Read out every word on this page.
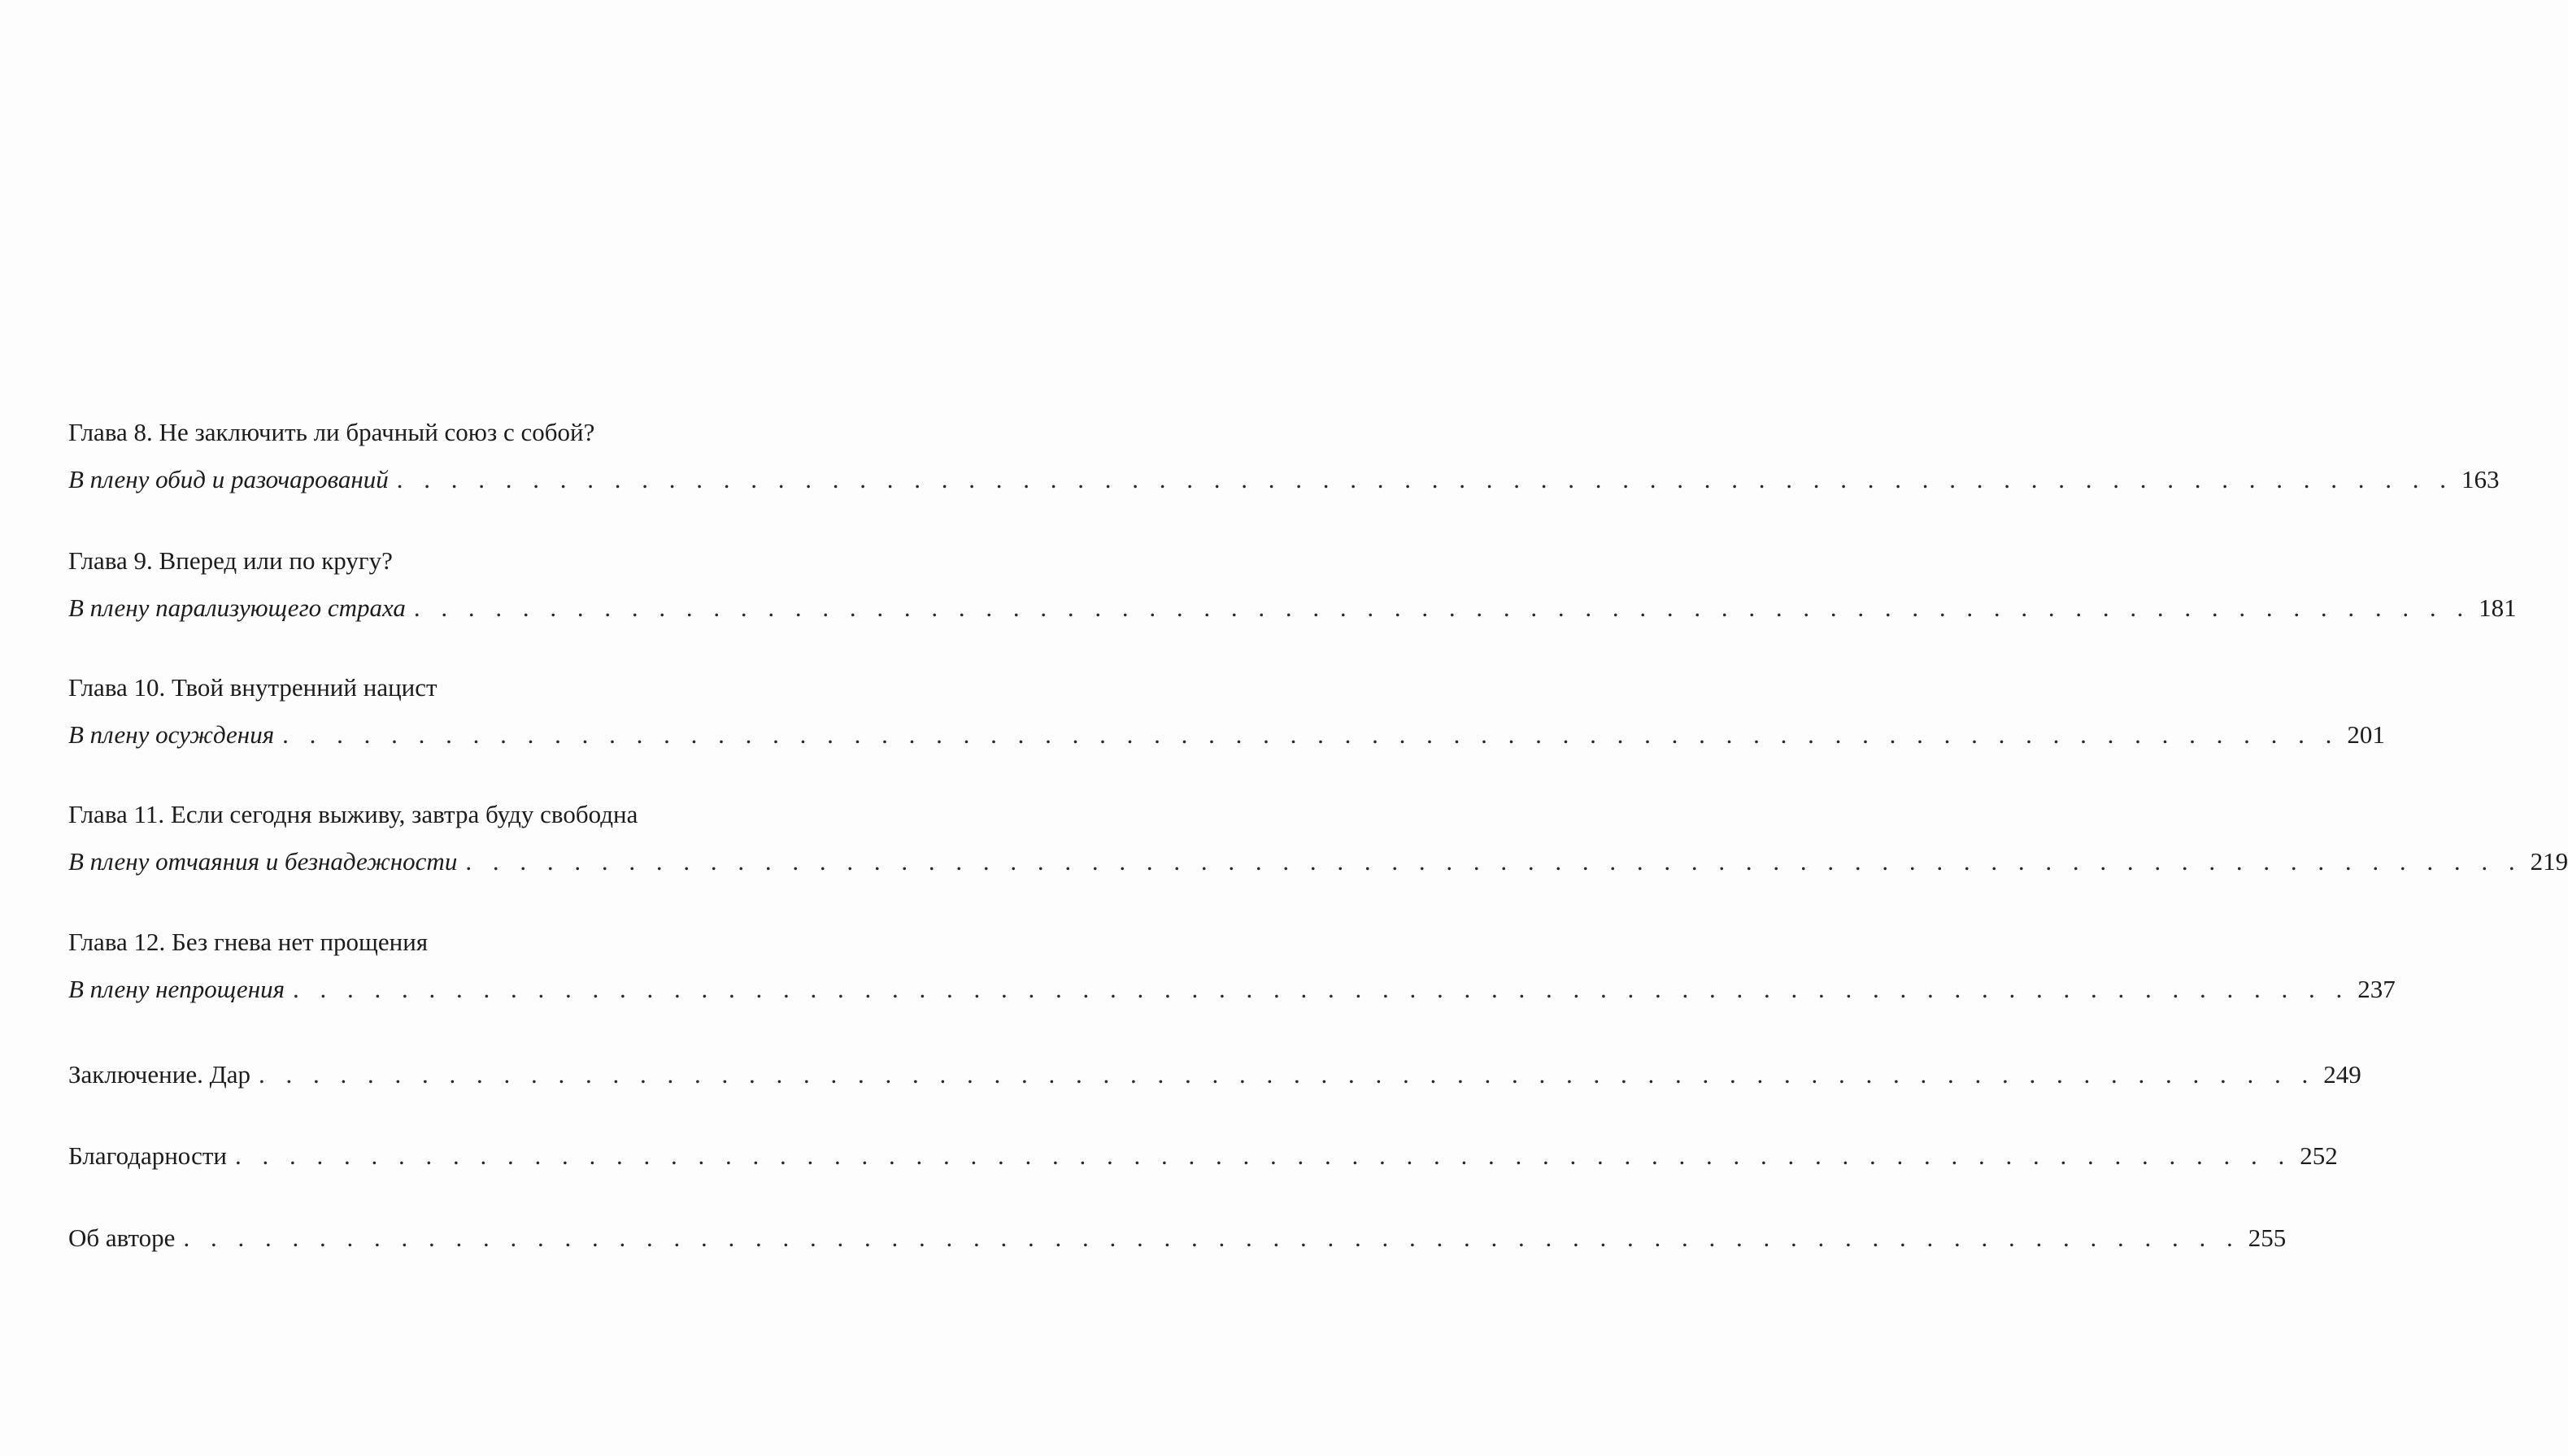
Глава 8. Не заключить ли брачный союз с собой?
В плену обид и разочарований . . . . . . . . . . . . . . . . . . . . . . . . . . . . . . . . . . . . . . . . . . . . . . . . . . . . . . . . . . . . . . . . . . . . . . . . . . . . 163
Глава 9. Вперед или по кругу?
В плену парализующего страха . . . . . . . . . . . . . . . . . . . . . . . . . . . . . . . . . . . . . . . . . . . . . . . . . . . . . . . . . . . . . . . . . . . . . . . . . . . . 181
Глава 10. Твой внутренний нацист
В плену осуждения . . . . . . . . . . . . . . . . . . . . . . . . . . . . . . . . . . . . . . . . . . . . . . . . . . . . . . . . . . . . . . . . . . . . . . . . . . . . 201
Глава 11. Если сегодня выживу, завтра буду свободна
В плену отчаяния и безнадежности . . . . . . . . . . . . . . . . . . . . . . . . . . . . . . . . . . . . . . . . . . . . . . . . . . . . . . . . . . . . . . . . . . . . . . . . . . . . 219
Глава 12. Без гнева нет прощения
В плену непрощения . . . . . . . . . . . . . . . . . . . . . . . . . . . . . . . . . . . . . . . . . . . . . . . . . . . . . . . . . . . . . . . . . . . . . . . . . . . . 237
Заключение. Дар . . . . . . . . . . . . . . . . . . . . . . . . . . . . . . . . . . . . . . . . . . . . . . . . . . . . . . . . . . . . . . . . . . . . . . . . . . . . 249
Благодарности . . . . . . . . . . . . . . . . . . . . . . . . . . . . . . . . . . . . . . . . . . . . . . . . . . . . . . . . . . . . . . . . . . . . . . . . . . . . 252
Об авторе . . . . . . . . . . . . . . . . . . . . . . . . . . . . . . . . . . . . . . . . . . . . . . . . . . . . . . . . . . . . . . . . . . . . . . . . . . . . 255
